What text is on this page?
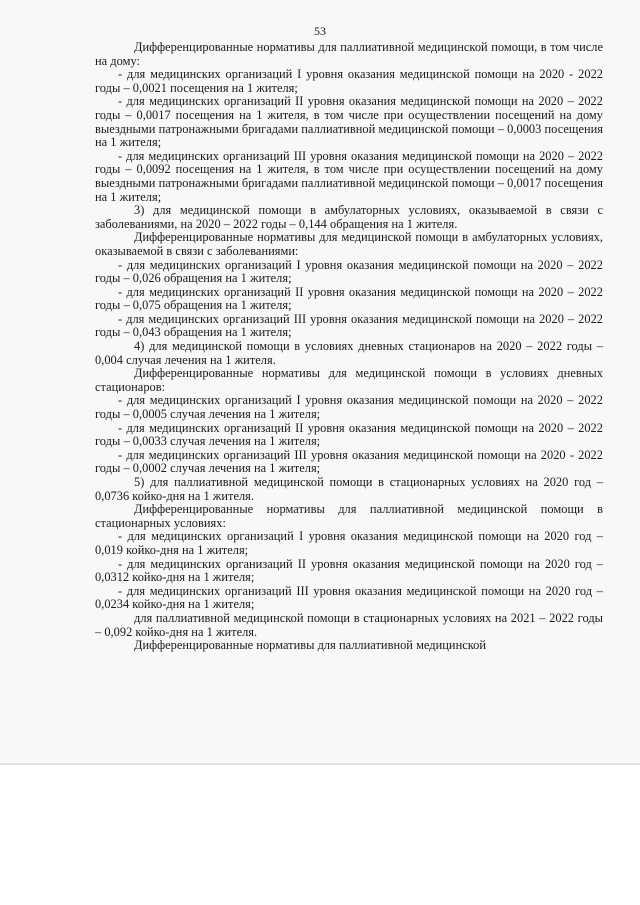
53

Дифференцированные нормативы для паллиативной медицинской помощи, в том числе на дому:

- для медицинских организаций I уровня оказания медицинской помощи на 2020 - 2022 годы – 0,0021 посещения на 1 жителя;

- для медицинских организаций II уровня оказания медицинской помощи на 2020 – 2022 годы – 0,0017 посещения на 1 жителя, в том числе при осуществлении посещений на дому выездными патронажными бригадами паллиативной медицинской помощи – 0,0003 посещения на 1 жителя;

- для медицинских организаций III уровня оказания медицинской помощи на 2020 – 2022 годы – 0,0092 посещения на 1 жителя, в том числе при осуществлении посещений на дому выездными патронажными бригадами паллиативной медицинской помощи – 0,0017 посещения на 1 жителя;

3) для медицинской помощи в амбулаторных условиях, оказываемой в связи с заболеваниями, на 2020 – 2022 годы – 0,144 обращения на 1 жителя.

Дифференцированные нормативы для медицинской помощи в амбулаторных условиях, оказываемой в связи с заболеваниями:

- для медицинских организаций I уровня оказания медицинской помощи на 2020 – 2022 годы – 0,026 обращения на 1 жителя;

- для медицинских организаций II уровня оказания медицинской помощи на 2020 – 2022 годы – 0,075 обращения на 1 жителя;

- для медицинских организаций III уровня оказания медицинской помощи на 2020 – 2022 годы – 0,043 обращения на 1 жителя;

4) для медицинской помощи в условиях дневных стационаров на 2020 – 2022 годы – 0,004 случая лечения на 1 жителя.

Дифференцированные нормативы для медицинской помощи в условиях дневных стационаров:

- для медицинских организаций I уровня оказания медицинской помощи на 2020 – 2022 годы – 0,0005 случая лечения на 1 жителя;

- для медицинских организаций II уровня оказания медицинской помощи на 2020 – 2022 годы – 0,0033 случая лечения на 1 жителя;

- для медицинских организаций III уровня оказания медицинской помощи на 2020 - 2022 годы – 0,0002 случая лечения на 1 жителя;

5) для паллиативной медицинской помощи в стационарных условиях на 2020 год – 0,0736 койко-дня на 1 жителя.

Дифференцированные нормативы для паллиативной медицинской помощи в стационарных условиях:

- для медицинских организаций I уровня оказания медицинской помощи на 2020 год – 0,019 койко-дня на 1 жителя;

- для медицинских организаций II уровня оказания медицинской помощи на 2020 год – 0,0312 койко-дня на 1 жителя;

- для медицинских организаций III уровня оказания медицинской помощи на 2020 год – 0,0234 койко-дня на 1 жителя;

для паллиативной медицинской помощи в стационарных условиях на 2021 – 2022 годы – 0,092 койко-дня на 1 жителя.

Дифференцированные нормативы для паллиативной медицинской
